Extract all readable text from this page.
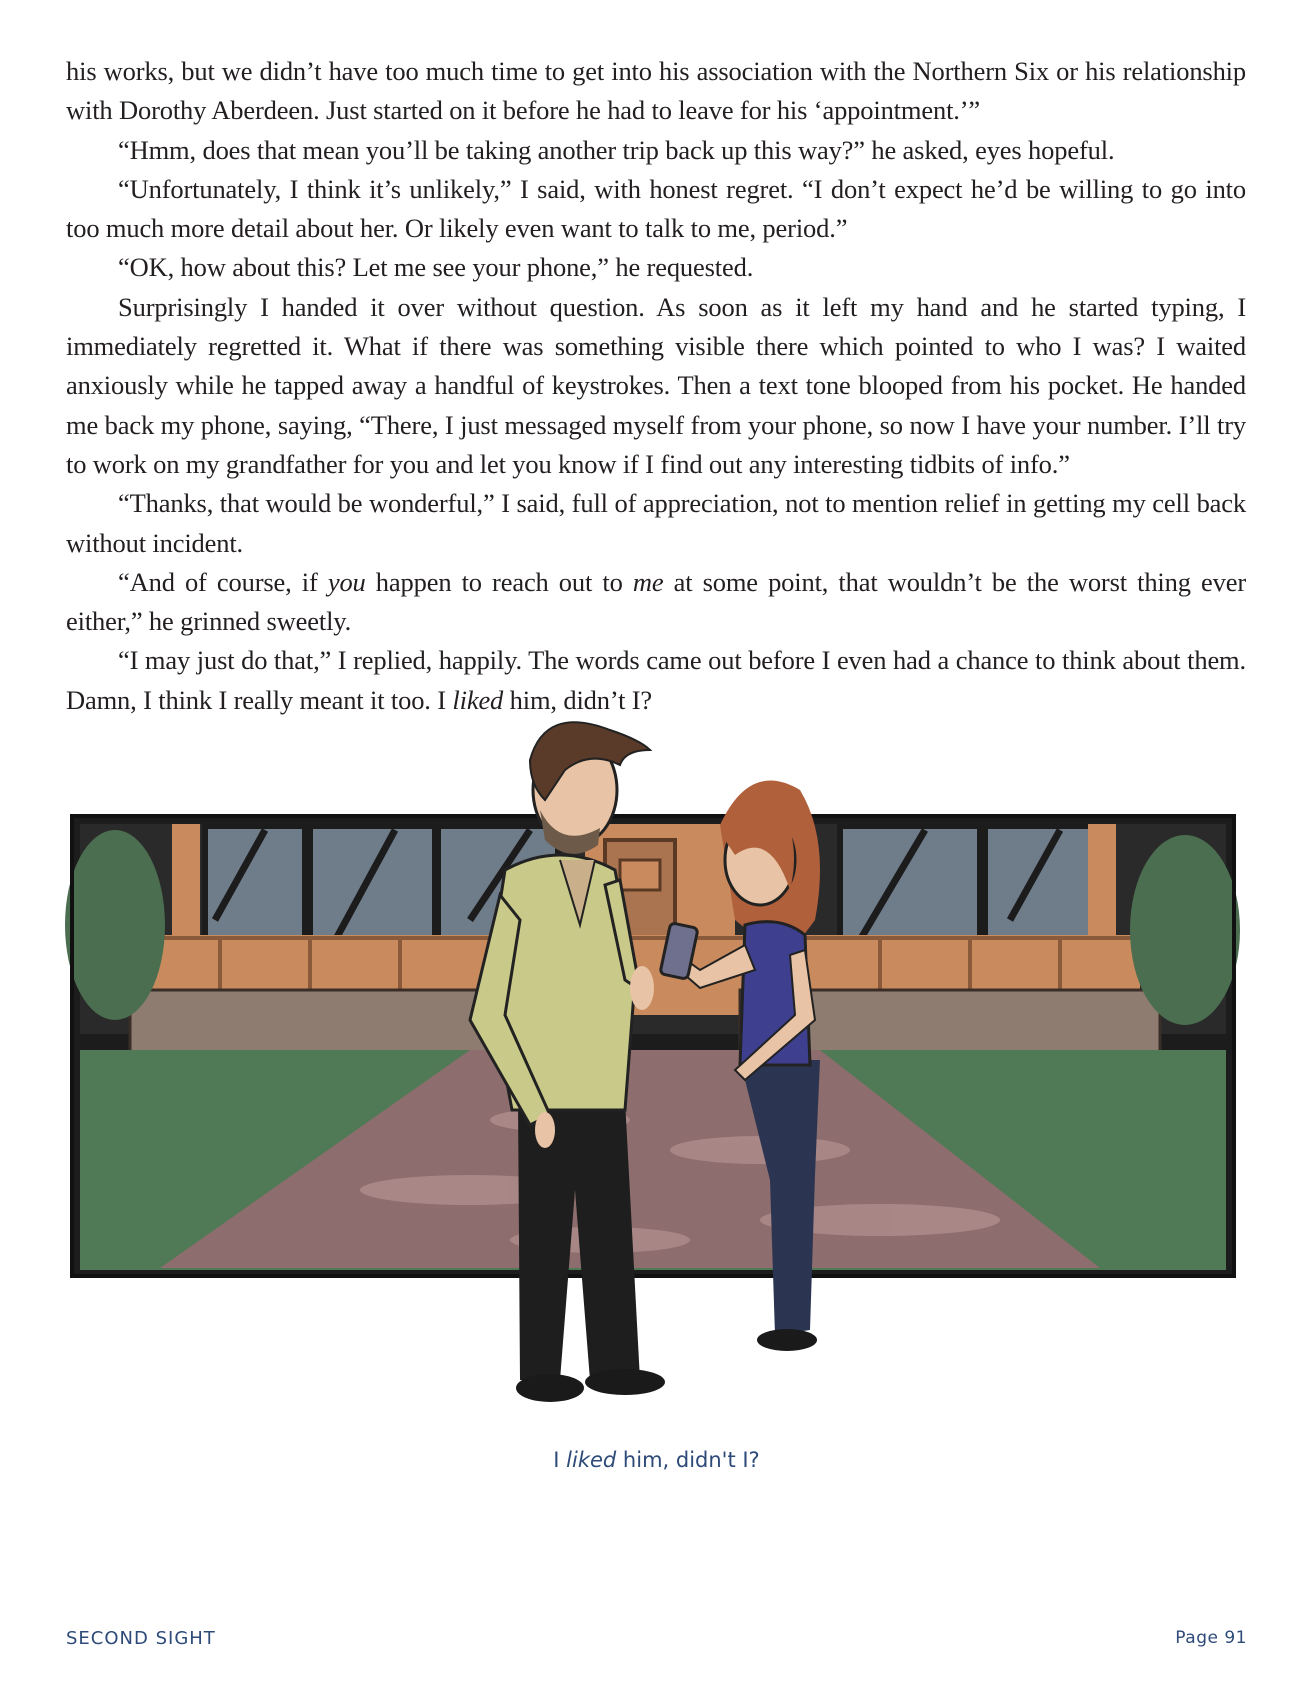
his works, but we didn’t have too much time to get into his association with the Northern Six or his relationship with Dorothy Aberdeen. Just started on it before he had to leave for his ‘appointment.’”

“Hmm, does that mean you’ll be taking another trip back up this way?” he asked, eyes hopeful.

“Unfortunately, I think it’s unlikely,” I said, with honest regret. “I don’t expect he’d be willing to go into too much more detail about her. Or likely even want to talk to me, period.”

“OK, how about this? Let me see your phone,” he requested.

Surprisingly I handed it over without question. As soon as it left my hand and he started typing, I immediately regretted it. What if there was something visible there which pointed to who I was? I waited anxiously while he tapped away a handful of keystrokes. Then a text tone blooped from his pocket. He handed me back my phone, saying, “There, I just messaged myself from your phone, so now I have your number. I’ll try to work on my grandfather for you and let you know if I find out any interesting tidbits of info.”

“Thanks, that would be wonderful,” I said, full of appreciation, not to mention relief in getting my cell back without incident.

“And of course, if you happen to reach out to me at some point, that wouldn’t be the worst thing ever either,” he grinned sweetly.

“I may just do that,” I replied, happily. The words came out before I even had a chance to think about them. Damn, I think I really meant it too. I liked him, didn’t I?

I liked him, didn't I?
SECOND SIGHT	Page 91
